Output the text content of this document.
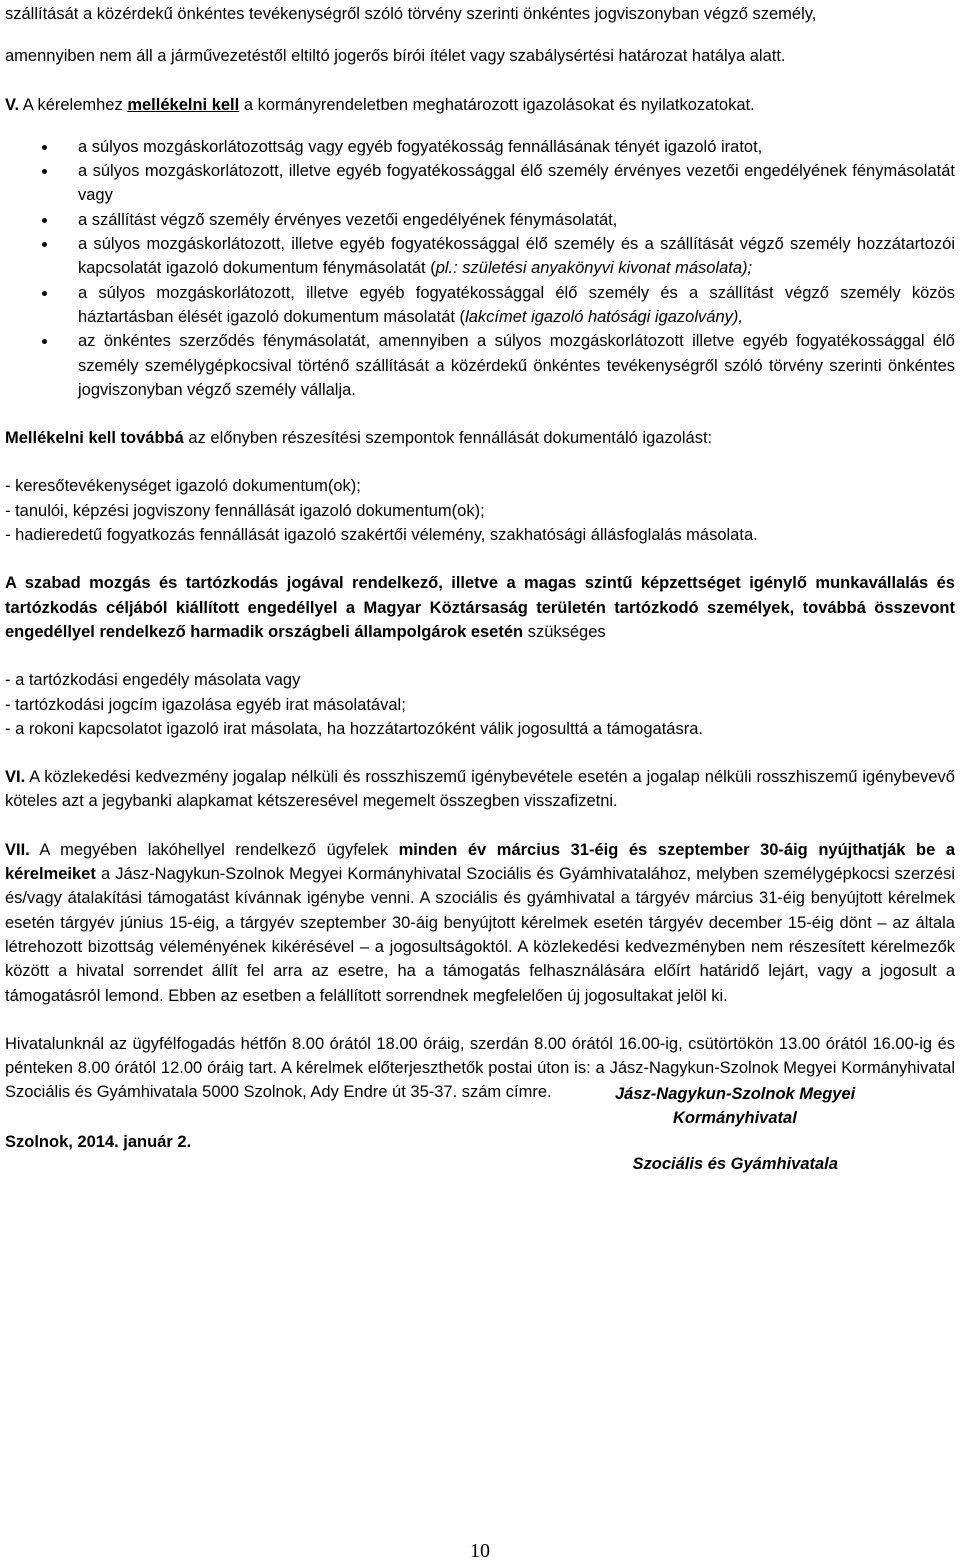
szállítását a közérdekű önkéntes tevékenységről szóló törvény szerinti önkéntes jogviszonyban végző személy,

amennyiben nem áll a járművezetéstől eltiltó jogerős bírói ítélet vagy szabálysértési határozat hatálya alatt.

V. A kérelemhez mellékelni kell a kormányrendeletben meghatározott igazolásokat és nyilatkozatokat.

a súlyos mozgáskorlátozottság vagy egyéb fogyatékosság fennállásának tényét igazoló iratot,
a súlyos mozgáskorlátozott, illetve egyéb fogyatékossággal élő személy érvényes vezetői engedélyének fénymásolatát vagy
a szállítást végző személy érvényes vezetői engedélyének fénymásolatát,
a súlyos mozgáskorlátozott, illetve egyéb fogyatékossággal élő személy és a szállítását végző személy hozzátartozói kapcsolatát igazoló dokumentum fénymásolatát (pl.: születési anyakönyvi kivonat másolata);
a súlyos mozgáskorlátozott, illetve egyéb fogyatékossággal élő személy és a szállítást végző személy közös háztartásban élését igazoló dokumentum másolatát (lakcímet igazoló hatósági igazolvány),
az önkéntes szerződés fénymásolatát, amennyiben a súlyos mozgáskorlátozott illetve egyéb fogyatékossággal élő személy személygépkocsival történő szállítását a közérdekű önkéntes tevékenységről szóló törvény szerinti önkéntes jogviszonyban végző személy vállalja.

Mellékelni kell továbbá az előnyben részesítési szempontok fennállását dokumentáló igazolást:

- keresőtevékenységet igazoló dokumentum(ok);

- tanulói, képzési jogviszony fennállását igazoló dokumentum(ok);

- hadieredetű fogyatkozás fennállását igazoló szakértői vélemény, szakhatósági állásfoglalás másolata.

A szabad mozgás és tartózkodás jogával rendelkező, illetve a magas szintű képzettséget igénylő munkavállalás és tartózkodás céljából kiállított engedéllyel a Magyar Köztársaság területén tartózkodó személyek, továbbá összevont engedéllyel rendelkező harmadik országbeli állampolgárok esetén szükséges

- a tartózkodási engedély másolata vagy

- tartózkodási jogcím igazolása egyéb irat másolatával;

- a rokoni kapcsolatot igazoló irat másolata, ha hozzátartozóként válik jogosulttá a támogatásra.

VI. A közlekedési kedvezmény jogalap nélküli és rosszhiszemű igénybevétele esetén a jogalap nélküli rosszhiszemű igénybevevő köteles azt a jegybanki alapkamat kétszeresével megemelt összegben visszafizetni.

VII. A megyében lakóhellyel rendelkező ügyfelek minden év március 31-éig és szeptember 30-áig nyújthatják be a kérelmeiket a Jász-Nagykun-Szolnok Megyei Kormányhivatal Szociális és Gyámhivatalához, melyben személygépkocsi szerzési és/vagy átalakítási támogatást kívánnak igénybe venni. A szociális és gyámhivatal a tárgyév március 31-éig benyújtott kérelmek esetén tárgyév június 15-éig, a tárgyév szeptember 30-áig benyújtott kérelmek esetén tárgyév december 15-éig dönt – az általa létrehozott bizottság véleményének kikérésével – a jogosultságoktól. A közlekedési kedvezményben nem részesített kérelmezők között a hivatal sorrendet állít fel arra az esetre, ha a támogatás felhasználására előírt határidő lejárt, vagy a jogosult a támogatásról lemond. Ebben az esetben a felállított sorrendnek megfelelően új jogosultakat jelöl ki.

Hivatalunknál az ügyfélfogadás hétfőn 8.00 órától 18.00 óráig, szerdán 8.00 órától 16.00-ig, csütörtökön 13.00 órától 16.00-ig és pénteken 8.00 órától 12.00 óráig tart. A kérelmek előterjeszthetők postai úton is: a Jász-Nagykun-Szolnok Megyei Kormányhivatal Szociális és Gyámhivatala 5000 Szolnok, Ady Endre út 35-37. szám címre.

Szolnok, 2014. január 2.

Jász-Nagykun-Szolnok Megyei
Kormányhivatal
Szociális és Gyámhivatala
10
